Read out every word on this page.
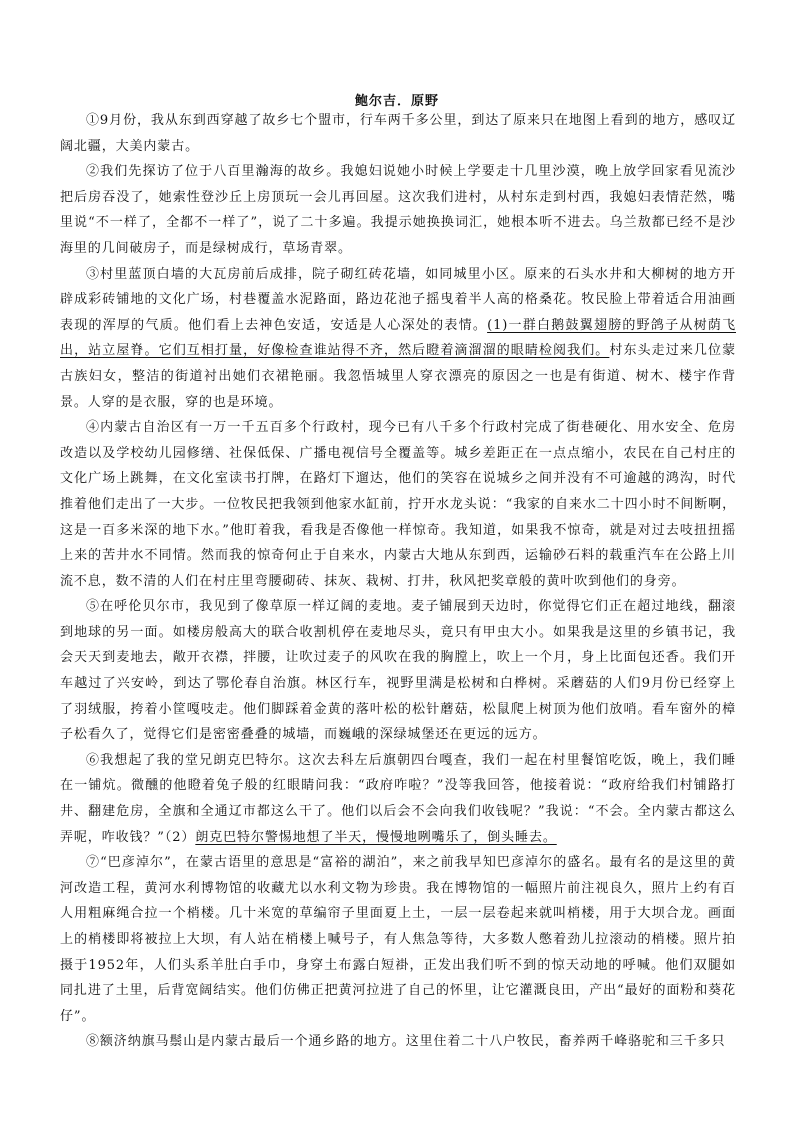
鲍尔吉．原野

①9月份，我从东到西穿越了故乡七个盟市，行车两千多公里，到达了原来只在地图上看到的地方，感叹辽阔北疆，大美内蒙古。

②我们先探访了位于八百里瀚海的故乡。我媳妇说她小时候上学要走十几里沙漠，晚上放学回家看见流沙把后房吞没了，她索性登沙丘上房顶玩一会儿再回屋。这次我们进村，从村东走到村西，我媳妇表情茫然，嘴里说“不一样了，全都不一样了”，说了二十多遍。我提示她换换词汇，她根本听不进去。乌兰敖都已经不是沙海里的几间破房子，而是绿树成行，草场青翠。

③村里蓝顶白墙的大瓦房前后成排，院子砌红砖花墙，如同城里小区。原来的石头水井和大柳树的地方开辟成彩砖铺地的文化广场，村巷覆盖水泥路面，路边花池子摇曳着半人高的格桑花。牧民脸上带着适合用油画表现的浑厚的气质。他们看上去神色安适，安适是人心深处的表情。(1)一群白鹅鼓翼翅膀的野鸽子从树荫飞出，站立屋脊。它们互相打量，好像检查谁站得不齐，然后瞪着滴溜溜的眼睛检阅我们。村东头走过来几位蒙古族妇女，整洁的街道衬出她们衣裙艳丽。我忽悟城里人穿衣漂亮的原因之一也是有街道、树木、楼宇作背景。人穿的是衣服，穿的也是环境。

④内蒙古自治区有一万一千五百多个行政村，现今已有八千多个行政村完成了街巷硬化、用水安全、危房改造以及学校幼儿园修缮、社保低保、广播电视信号全覆盖等。城乡差距正在一点点缩小，农民在自己村庄的文化广场上跳舞，在文化室读书打牌，在路灯下遛达，他们的笑容在说城乡之间并没有不可逾越的鸿沟，时代推着他们走出了一大步。一位牧民把我领到他家水缸前，拧开水龙头说：“我家的自来水二十四小时不间断啊，这是一百多米深的地下水。”他盯着我，看我是否像他一样惊奇。我知道，如果我不惊奇，就是对过去吱扭扭摇上来的苦井水不同情。然而我的惊奇何止于自来水，内蒙古大地从东到西，运输砂石料的载重汽车在公路上川流不息，数不清的人们在村庄里弯腰砌砖、抹灰、栽树、打井，秋风把奖章般的黄叶吹到他们的身旁。

⑤在呼伦贝尔市，我见到了像草原一样辽阔的麦地。麦子铺展到天边时，你觉得它们正在超过地线，翻滚到地球的另一面。如楼房般高大的联合收割机停在麦地尽头，竟只有甲虫大小。如果我是这里的乡镇书记，我会天天到麦地去，敞开衣襟，拌腰，让吹过麦子的风吹在我的胸膛上，吹上一个月，身上比面包还香。我们开车越过了兴安岭，到达了鄂伦春自治旗。林区行车，视野里满是松树和白桦树。采蘑菇的人们9月份已经穿上了羽绒服，挎着小筐嘎吱走。他们脚踩着金黄的落叶松的松针蘑菇，松鼠爬上树顶为他们放哨。看车窗外的樟子松看久了，觉得它们是密密叠叠的城墙，而巍峨的深绿城堡还在更远的远方。

⑥我想起了我的堂兄朗克巴特尔。这次去科左后旗朝四台嘎查，我们一起在村里餐馆吃饭，晚上，我们睡在一铺炕。微醺的他瞪着兔子般的红眼睛问我：“政府咋啦？”没等我回答，他接着说：“政府给我们村铺路打井、翻建危房，全旗和全通辽市都这么干了。他们以后会不会向我们收钱呢？”我说：“不会。全内蒙古都这么弄呢，咋收钱？”（2）朗克巴特尔警惕地想了半天，慢慢地咧嘴乐了，倒头睡去。

⑦“巴彦淖尔”，在蒙古语里的意思是“富裕的湖泊”，来之前我早知巴彦淖尔的盛名。最有名的是这里的黄河改造工程，黄河水利博物馆的收藏尤以水利文物为珍贵。我在博物馆的一幅照片前注视良久，照片上约有百人用粗麻绳合拉一个梢楼。几十米宽的草编帘子里面夏上土，一层一层卷起来就叫梢楼，用于大坝合龙。画面上的梢楼即将被拉上大坝，有人站在梢楼上喊号子，有人焦急等待，大多数人憋着劲儿拉滚动的梢楼。照片拍摄于1952年，人们头系羊肚白手巾，身穿土布露白短褂，正发出我们听不到的惊天动地的呼喊。他们双腿如同扎进了土里，后背宽阔结实。他们仿佛正把黄河拉进了自己的怀里，让它灌溉良田，产出“最好的面粉和葵花仔”。

⑧额济纳旗马鬃山是内蒙古最后一个通乡路的地方。这里住着二十八户牧民，畜养两千峰骆驼和三千多只
